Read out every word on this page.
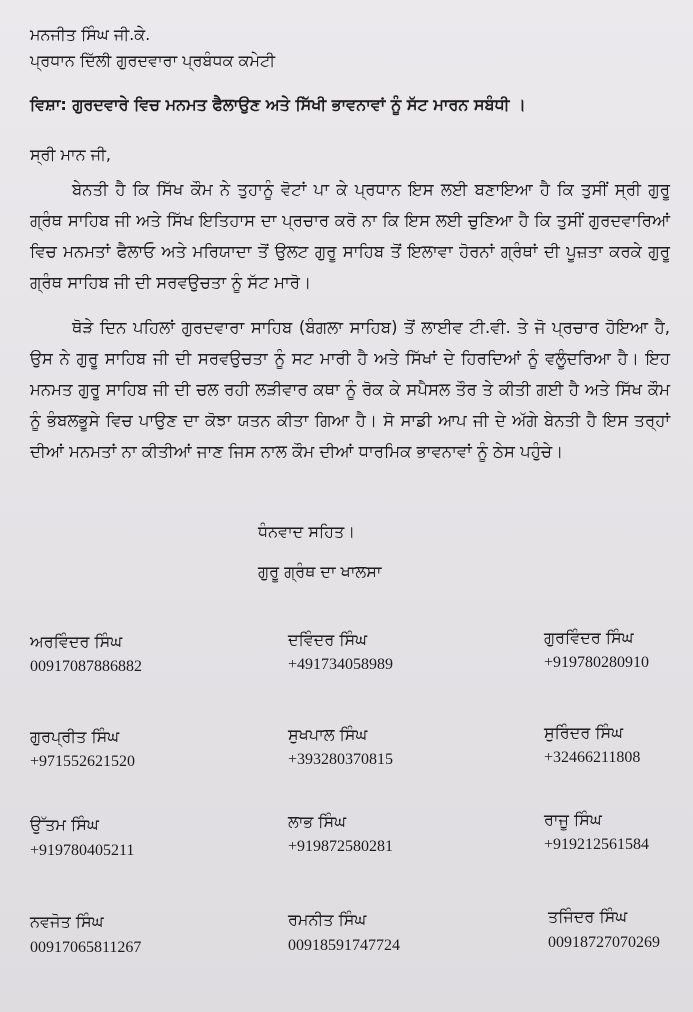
ਮਨਜੀਤ ਸਿੰਘ ਜੀ.ਕੇ.
ਪ੍ਰਧਾਨ ਦਿੱਲੀ ਗੁਰਦਵਾਰਾ ਪ੍ਰਬੰਧਕ ਕਮੇਟੀ
ਵਿਸ਼ਾ: ਗੁਰਦਵਾਰੇ ਵਿਚ ਮਨਮਤ ਫੈਲਾਉਣ ਅਤੇ ਸਿੱਖੀ ਭਾਵਨਾਵਾਂ ਨੂੰ ਸੱਟ ਮਾਰਨ ਸਬੰਧੀ ।
ਸ੍ਰੀ ਮਾਨ ਜੀ,

ਬੇਨਤੀ ਹੈ ਕਿ ਸਿੱਖ ਕੌਮ ਨੇ ਤੁਹਾਨੂੰ ਵੋਟਾਂ ਪਾ ਕੇ ਪ੍ਰਧਾਨ ਇਸ ਲਈ ਬਣਾਇਆ ਹੈ ਕਿ ਤੁਸੀਂ ਸ੍ਰੀ ਗੁਰੂ ਗ੍ਰੰਥ ਸਾਹਿਬ ਜੀ ਅਤੇ ਸਿੱਖ ਇਤਿਹਾਸ ਦਾ ਪ੍ਰਚਾਰ ਕਰੋ ਨਾ ਕਿ ਇਸ ਲਈ ਚੁਣਿਆ ਹੈ ਕਿ ਤੁਸੀਂ ਗੁਰਦਵਾਰਿਆਂ ਵਿਚ ਮਨਮਤਾਂ ਫੈਲਾਓ ਅਤੇ ਮਰਿਯਾਦਾ ਤੋਂ ਉਲਟ ਗੁਰੂ ਸਾਹਿਬ ਤੋਂ ਇਲਾਵਾ ਹੋਰਨਾਂ ਗ੍ਰੰਥਾਂ ਦੀ ਪੂਜ਼ਤਾ ਕਰਕੇ ਗੁਰੂ ਗ੍ਰੰਥ ਸਾਹਿਬ ਜੀ ਦੀ ਸਰਵਉਚਤਾ ਨੂੰ ਸੱਟ ਮਾਰੋ।

ਥੋੜੇ ਦਿਨ ਪਹਿਲਾਂ ਗੁਰਦਵਾਰਾ ਸਾਹਿਬ (ਬੰਗਲਾ ਸਾਹਿਬ) ਤੋਂ ਲਾਈਵ ਟੀ.ਵੀ. ਤੇ ਜੋ ਪ੍ਰਚਾਰ ਹੋਇਆ ਹੈ, ਉਸ ਨੇ ਗੁਰੂ ਸਾਹਿਬ ਜੀ ਦੀ ਸਰਵਉਚਤਾ ਨੂੰ ਸਟ ਮਾਰੀ ਹੈ ਅਤੇ ਸਿੱਖਾਂ ਦੇ ਹਿਰਦਿਆਂ ਨੂੰ ਵਲੂੰਦਰਿਆ ਹੈ। ਇਹ ਮਨਮਤ ਗੁਰੂ ਸਾਹਿਬ ਜੀ ਦੀ ਚਲ ਰਹੀ ਲੜੀਵਾਰ ਕਥਾ ਨੂੰ ਰੋਕ ਕੇ ਸਪੈਸਲ ਤੌਰ ਤੇ ਕੀਤੀ ਗਈ ਹੈ ਅਤੇ ਸਿੱਖ ਕੌਮ ਨੂੰ ਭੰਬਲਭੂਸੇ ਵਿਚ ਪਾਉਣ ਦਾ ਕੋਝਾ ਯਤਨ ਕੀਤਾ ਗਿਆ ਹੈ। ਸੋ ਸਾਡੀ ਆਪ ਜੀ ਦੇ ਅੱਗੇ ਬੇਨਤੀ ਹੈ ਇਸ ਤਰ੍ਹਾਂ ਦੀਆਂ ਮਨਮਤਾਂ ਨਾ ਕੀਤੀਆਂ ਜਾਣ ਜਿਸ ਨਾਲ ਕੌਮ ਦੀਆਂ ਧਾਰਮਿਕ ਭਾਵਨਾਵਾਂ ਨੂੰ ਠੇਸ ਪਹੁੰਚੇ।

ਧੰਨਵਾਦ ਸਹਿਤ।
ਗੁਰੂ ਗ੍ਰੰਥ ਦਾ ਖਾਲਸਾ
ਅਰਵਿੰਦਰ ਸਿੰਘ
00917087886882
ਦਵਿੰਦਰ ਸਿੰਘ
+491734058989
ਗੁਰਵਿੰਦਰ ਸਿੰਘ
+919780280910
ਗੁਰਪ੍ਰੀਤ ਸਿੰਘ
+971552621520
ਸੁਖਪਾਲ ਸਿੰਘ
+393280370815
ਸੁਰਿੰਦਰ ਸਿੰਘ
+32466211808
ਉੱਤਮ ਸਿੰਘ
+919780405211
ਲਾਭ ਸਿੰਘ
+919872580281
ਰਾਜੂ ਸਿੰਘ
+919212561584
ਨਵਜੋਤ ਸਿੰਘ
00917065811267
ਰਮਨੀਤ ਸਿੰਘ
00918591747724
ਤਜਿੰਦਰ ਸਿੰਘ
00918727070269
